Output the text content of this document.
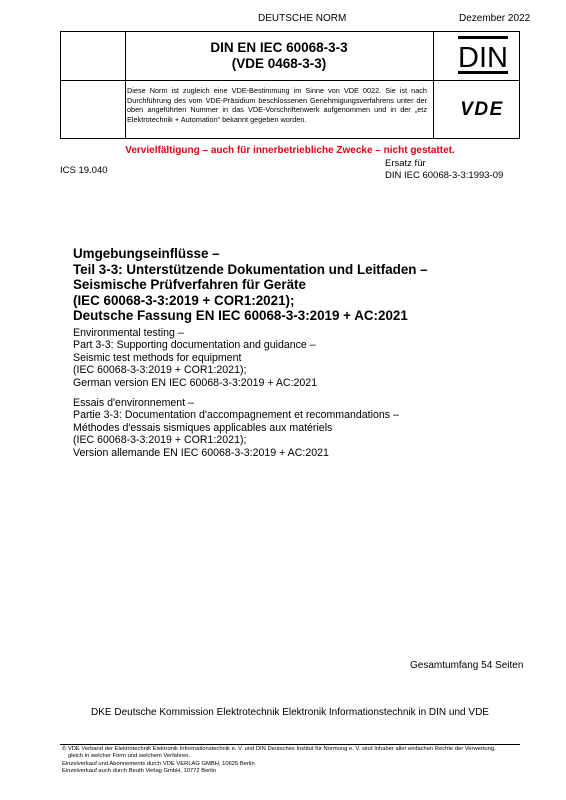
DEUTSCHE NORM	Dezember 2022
DIN EN IEC 60068-3-3
(VDE 0468-3-3)	DIN
Diese Norm ist zugleich eine VDE-Bestimmung im Sinne von VDE 0022. Sie ist nach Durchführung des vom VDE-Präsidium beschlossenen Genehmigungsverfahrens unter der oben angeführten Nummer in das VDE-Vorschriftenwerk aufgenommen und in der „etz Elektrotechnik + Automation“ bekannt gegeben worden.	VDE
Vervielfältigung – auch für innerbetriebliche Zwecke – nicht gestattet.
ICS 19.040
Ersatz für
DIN IEC 60068-3-3:1993-09
Umgebungseinflüsse –
Teil 3-3: Unterstützende Dokumentation und Leitfaden –
Seismische Prüfverfahren für Geräte
(IEC 60068-3-3:2019 + COR1:2021);
Deutsche Fassung EN IEC 60068-3-3:2019 + AC:2021
Environmental testing –
Part 3-3: Supporting documentation and guidance –
Seismic test methods for equipment
(IEC 60068-3-3:2019 + COR1:2021);
German version EN IEC 60068-3-3:2019 + AC:2021
Essais d'environnement –
Partie 3-3: Documentation d'accompagnement et recommandations –
Méthodes d'essais sismiques applicables aux matériels
(IEC 60068-3-3:2019 + COR1:2021);
Version allemande EN IEC 60068-3-3:2019 + AC:2021
Gesamtumfang 54 Seiten
DKE Deutsche Kommission Elektrotechnik Elektronik Informationstechnik in DIN und VDE
© VDE Verband der Elektrotechnik Elektronik Informationstechnik e. V. und DIN Deutsches Institut für Normung e. V. sind Inhaber aller einfachen Rechte der Verwertung,
gleich in welcher Form und welchem Verfahren.
Einzelverkauf und Abonnements durch VDE VERLAG GMBH, 10625 Berlin
Einzelverkauf auch durch Beuth Verlag GmbH, 10772 Berlin
